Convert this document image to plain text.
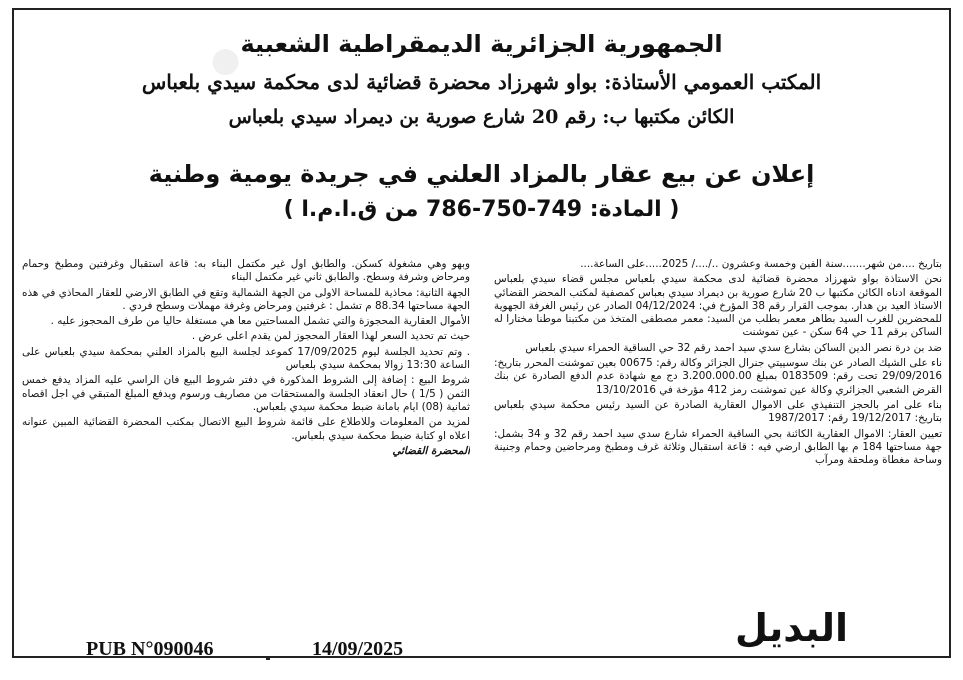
●
الجمهورية الجزائرية الديمقراطية الشعبية
المكتب العمومي الأستاذة: بواو شهرزاد محضرة قضائية لدى محكمة سيدي بلعباس
الكائن مكتبها ب: رقم 20 شارع صورية بن ديمراد سيدي بلعباس
إعلان عن بيع عقار بالمزاد العلني في جريدة يومية وطنية
( المادة: 749-750-786 من ق.ا.م.ا )

بتاريخ ....من شهر.......سنة الفين وخمسة وعشرون ../..../ 2025.....على الساعة....

نحن الاستاذة بواو شهرزاد محضرة قضائية لدى محكمة سيدي بلعباس مجلس قضاء سيدي بلعباس الموقعة ادناه الكائن مكتبها ب 20 شارع صورية بن ديمراد سيدي بعباس كمصفية لمكتب المحضر القضائي الاستاذ العيد بن هدار. بموجب القرار رقم 38 المؤرخ في: 04/12/2024 الصادر عن رئيس الغرفة الجهوية للمحضرين للغرب السيد بطاهر معمر بطلب من السيد: معمر مصطفى المتخذ من مكتبنا موطنا مختارا له الساكن برقم 11 حي 64 سكن - عين تموشنت

ضد بن درة نصر الدين الساكن بشارع سدي سيد احمد رقم 32 حي الساقية الحمراء سيدي بلعباس

ناء على الشيك الصادر عن بنك سوسييتي جنرال الجزائر وكالة رقم: 00675 بعين تموشنت المحرر بتاريخ: 29/09/2016 تحت رقم: 0183509 بمبلغ 3.200.000.00 دج مع شهادة عدم الدفع الصادرة عن بنك القرض الشعبي الجزائري وكالة عين تموشنت رمز 412 مؤرخة في 13/10/2016

بناء على امر بالحجز التنفيذي على الاموال العقارية الصادرة عن السيد رئيس محكمة سيدي بلعباس بتاريخ: 19/12/2017 رقم: 1987/2017

تعيين العقار: الاموال العقارية الكائنة بحي الساقية الحمراء شارع سدي سيد احمد رقم 32 و 34 بشمل: جهة مساحتها 184 م بها الطابق ارضي فيه : قاعة استقبال وثلاثة غرف ومطبخ ومرحاضين وحمام وجنينة وساحة مغطاة وملحقة ومرآب

وبهو وهي مشغولة كسكن. والطابق اول غير مكتمل البناء به: قاعة استقبال وغرفتين ومطبخ وحمام ومرحاض وشرفة وسطح. والطابق ثاني غير مكتمل البناء

الجهة الثانية: محاذية للمساحة الاولى من الجهة الشمالية وتقع في الطابق الارضي للعقار المحاذي في هذه الجهة مساحتها 88.34 م تشمل : غرفتين ومرحاض وغرفة مهملات وسطح فردي .

الأموال العقارية المحجوزة والتي تشمل المساحتين معا هي مستغلة حاليا من طرف المحجوز عليه .

حيث تم تحديد السعر لهذا العقار المحجوز لمن يقدم اعلى عرض .

. وتم تحديد الجلسة ليوم 17/09/2025 كموعد لجلسة البيع بالمزاد العلني بمحكمة سيدي بلعباس على الساعة 13:30 زوالا بمحكمة سيدي بلعباس

شروط البيع : إضافة إلى الشروط المذكورة في دفتر شروط البيع فان الراسي عليه المزاد يدفع خمس الثمن ( 1/5 ) حال انعقاد الجلسة والمستحقات من مصاريف ورسوم ويدفع المبلغ المتبقي في اجل اقصاه ثمانية (08) ايام بامانة ضبط محكمة سيدي بلعباس.

لمزيد من المعلومات وللاطلاع على قائمة شروط البيع الاتصال بمكتب المحضرة القضائية المبين عنوانه اعلاه او كتابة ضبط محكمة سيدي بلعباس.

المحضرة القضائي

البديل
PUB N°090046	14/09/2025
